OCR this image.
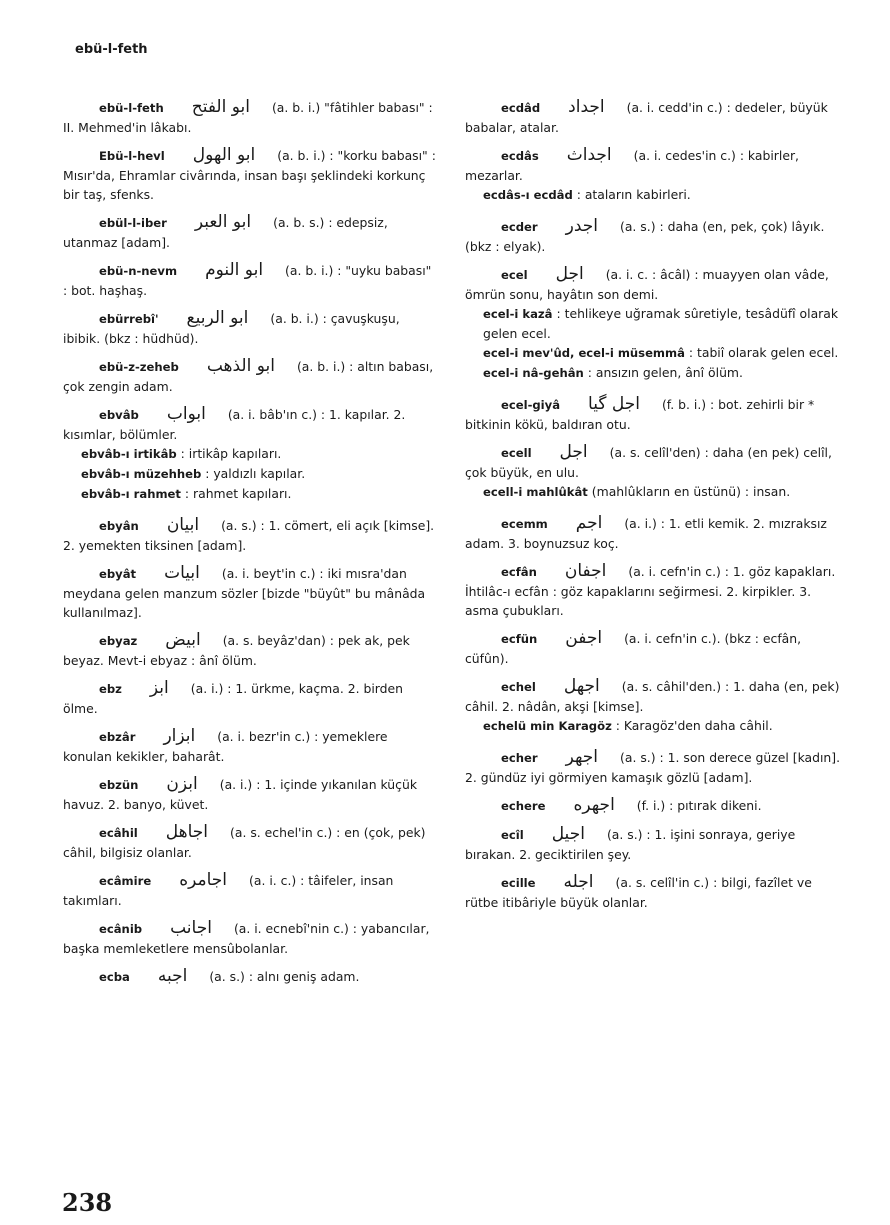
ebü-l-feth
ebü-l-feth ابو الفتح (a. b. i.) "fâtihler babası" : II. Mehmed'in lâkabı.
Ebü-l-hevl ابو الهول (a. b. i.) : "korku babası" : Mısır'da, Ehramlar civârında, insan başı şeklindeki korkunç bir taş, sfenks.
ebül-l-iber ابو العبر (a. b. s.) : edepsiz, utanmaz [adam].
ebü-n-nevm ابو النوم (a. b. i.) : "uyku babası" : bot. haşhaş.
ebürrebî' ابو الربيع (a. b. i.) : çavuşkuşu, ibibik. (bkz : hüdhüd).
ebü-z-zeheb ابو الذهب (a. b. i.) : altın babası, çok zengin adam.
ebvâb ابواب (a. i. bâb'ın c.) : 1. kapılar. 2. kısımlar, bölümler.
ebvâb-ı irtikâb : irtikâp kapıları.
ebvâb-ı müzehheb : yaldızlı kapılar.
ebvâb-ı rahmet : rahmet kapıları.
ebyân ابيان (a. s.) : 1. cömert, eli açık [kimse]. 2. yemekten tiksinen [adam].
ebyât ابيات (a. i. beyt'in c.) : iki mısra'dan meydana gelen manzum sözler [bizde "büyût" bu mânâda kullanılmaz].
ebyaz ابيض (a. s. beyâz'dan) : pek ak, pek beyaz. Mevt-i ebyaz : ânî ölüm.
ebz ابز (a. i.) : 1. ürkme, kaçma. 2. birden ölme.
ebzâr ابزار (a. i. bezr'in c.) : yemeklere konulan kekikler, baharât.
ebzün ابزن (a. i.) : 1. içinde yıkanılan küçük havuz. 2. banyo, küvet.
ecâhil اجاهل (a. s. echel'in c.) : en (çok, pek) câhil, bilgisiz olanlar.
ecâmire اجامره (a. i. c.) : tâifeler, insan takımları.
ecânib اجانب (a. i. ecnebî'nin c.) : yabancılar, başka memleketlere mensûbolanlar.
ecba اجبه (a. s.) : alnı geniş adam.
ecdâd اجداد (a. i. cedd'in c.) : dedeler, büyük babalar, atalar.
ecdâs اجداث (a. i. cedes'in c.) : kabirler, mezarlar.
ecdâs-ı ecdâd : ataların kabirleri.
ecder اجدر (a. s.) : daha (en, pek, çok) lâyık. (bkz : elyak).
ecel اجل (a. i. c. : âcâl) : muayyen olan vâde, ömrün sonu, hayâtın son demi.
ecel-i kazâ : tehlikeye uğramak sûretiyle, tesâdüfî olarak gelen ecel.
ecel-i mev'ûd, ecel-i müsemmâ : tabiî olarak gelen ecel.
ecel-i nâ-gehân : ansızın gelen, ânî ölüm.
ecel-giyâ اجل گيا (f. b. i.) : bot. zehirli bir * bitkinin kökü, baldıran otu.
ecell اجل (a. s. celîl'den) : daha (en pek) celîl, çok büyük, en ulu.
ecell-i mahlûkât (mahlûkların en üstünü) : insan.
ecemm اجم (a. i.) : 1. etli kemik. 2. mızraksız adam. 3. boynuzsuz koç.
ecfân اجفان (a. i. cefn'in c.) : 1. göz kapakları. İhtilâc-ı ecfân : göz kapaklarını seğirmesi. 2. kirpikler. 3. asma çubukları.
ecfün اجفن (a. i. cefn'in c.). (bkz : ecfân, cüfûn).
echel اجهل (a. s. câhil'den.) : 1. daha (en, pek) câhil. 2. nâdân, akşi [kimse].
echelü min Karagöz : Karagöz'den daha câhil.
echer اجهر (a. s.) : 1. son derece güzel [kadın]. 2. gündüz iyi görmiyen kamaşık gözlü [adam].
echere اجهره (f. i.) : pıtırak dikeni.
ecîl اجيل (a. s.) : 1. işini sonraya, geriye bırakan. 2. geciktirilen şey.
ecille اجله (a. s. celîl'in c.) : bilgi, fazîlet ve rütbe itibâriyle büyük olanlar.
238
